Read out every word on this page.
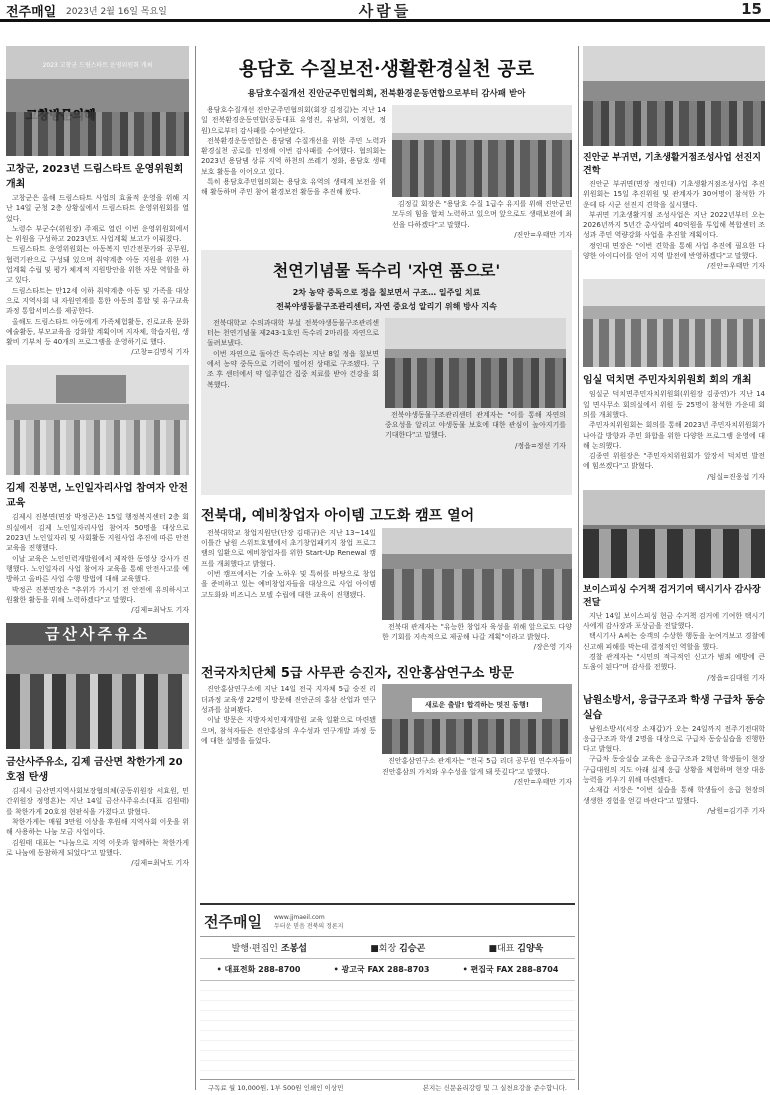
전주매일 2023년 2월 16일 목요일	사람들	15
2023 고창군 드림스타트 운영위원회 개최
고창군, 2023년 드림스타트 운영위원회 개최

고창군은 올해 드림스타트 사업의 효율적 운영을 위해 지난 14일 군청 2층 상황실에서 드림스타트 운영위원회를 열었다.

노령수 부군수(위원장) 주재로 열린 이번 운영위원회에서는 위원을 구성하고 2023년도 사업계획 보고가 이뤄졌다.

드림스타트 운영위원회는 아동복지 민간전문가와 공무원, 협력기관으로 구성돼 있으며 취약계층 아동 지원을 위한 사업계획 수립 및 평가 체계적 지원방안을 위한 자문 역할을 하고 있다.

드림스타트는 만12세 이하 취약계층 아동 및 가족을 대상으로 지역사회 내 자원연계를 통한 아동의 통합 및 유구교육과정 통합서비스를 제공한다.

올해도 드림스타트 아동에게 가족체험활동, 진로교육 문화예술활동, 부모교육을 강화할 계획이며 지자체, 학습지원, 생활비 기부처 등 40개의 프로그램을 운영하기로 했다.

/고창=김명식 기자
김제 진봉면, 노인일자리사업 참여자 안전교육

김제시 진봉면(면장 박정곤)은 15일 행정복지센터 2층 회의실에서 김제 노인일자리사업 참여자 50명을 대상으로 2023년 노인일자리 및 사회활동 지원사업 추진에 따른 안전교육을 진행했다.

이날 교육은 노인인력개발원에서 제작한 동영상 강사가 진행했다. 노인일자리 사업 참여자 교육을 통해 안전사고를 예방하고 올바른 사업 수행 방법에 대해 교육했다.

박정곤 진봉면장은 "추위가 가시기 전 안전에 유의하시고 원활한 활동을 위해 노력하겠다"고 말했다.

/김제=최낙도 기자
금산사주유소
금산사주유소, 김제 금산면 착한가게 20호점 탄생

김제시 금산면지역사회보장협의체(공동위원장 서효원, 민간위원장 정영흔)는 지난 14일 금산사주유소(대표 김원태)를 착한가게 20호점 현판식을 가졌다고 밝혔다.

착한가게는 매월 3만원 이상을 후원해 지역사회 이웃을 위해 사용하는 나눔 모금 사업이다.

김원태 대표는 "나눔으로 지역 이웃과 함께하는 착한가게로 나눔에 동참하게 되었다"고 말했다.

/김제=최낙도 기자
용담호 수질보전·생활환경실천 공로
용담호수질개선 진안군주민협의회, 전북환경운동연합으로부터 감사패 받아

용담호수질개선 진안군주민협의회(회장 김정길)는 지난 14일 전북환경운동연합(공동대표 유영진, 유남희, 이정현, 정원)으로부터 감사패를 수여받았다.

전북환경운동연합은 용담댐 수질개선을 위한 주민 노력과 환경실천 공로를 인정해 이번 감사패를 수여했다. 협의회는 2023년 용담댐 상류 지역 하천의 쓰레기 정화, 용담호 생태보호 활동을 이어오고 있다.

특히 용담호주민협의회는 용담호 유역의 생태계 보전을 위해 활동하며 주민 참여 환경보전 활동을 추진해 왔다.

김정길 회장은 "용담호 수질 1급수 유지를 위해 진안군민 모두의 힘을 합쳐 노력하고 있으며 앞으로도 생태보전에 최선을 다하겠다"고 말했다.

/진안=우태만 기자
천연기념물 독수리 '자연 품으로'
2차 농약 중독으로 정읍 칠보면서 구조… 일주일 치료
전북야생동물구조관리센터, 자연 중요성 알리기 위해 방사 지속

전북대학교 수의과대학 부설 전북야생동물구조관리센터는 천연기념물 제243-1호인 독수리 2마리를 자연으로 돌려보냈다.

이번 자연으로 돌아간 독수리는 지난 8일 정읍 칠보면에서 농약 중독으로 기력이 떨어진 상태로 구조됐다. 구조 후 센터에서 약 일주일간 집중 치료를 받아 건강을 회복했다.

전북야생동물구조관리센터 관계자는 "이를 통해 자연의 중요성을 알리고 야생동물 보호에 대한 관심이 높아지기를 기대한다"고 말했다.

/정읍=정선 기자
전북대, 예비창업자 아이템 고도화 캠프 열어

전북대학교 창업지원단(단장 김태규)은 지난 13~14일 이틀간 남원 스위트호텔에서 초기창업패키지 창업 프로그램의 일환으로 예비창업자를 위한 Start-Up Renewal 캠프를 개최했다고 밝혔다.

이번 캠프에서는 기술 노하우 및 특허를 바탕으로 창업을 준비하고 있는 예비창업자들을 대상으로 사업 아이템 고도화와 비즈니스 모델 수립에 대한 교육이 진행됐다.

전북대 관계자는 "유능한 창업자 육성을 위해 앞으로도 다양한 기회를 지속적으로 제공해 나갈 계획"이라고 밝혔다.

/장은영 기자
전국자치단체 5급 사무관 승진자, 진안홍삼연구소 방문

진안홍삼연구소에 지난 14일 전국 지자체 5급 승진 리더과정 교육생 22명이 방문해 진안군의 홍삼 산업과 연구 성과를 살펴봤다.

이날 방문은 지방자치인재개발원 교육 일환으로 마련됐으며, 참석자들은 진안홍삼의 우수성과 연구개발 과정 등에 대한 설명을 들었다.

새로운 출발! 합격하는 멋진 동행!

진안홍삼연구소 관계자는 "전국 5급 리더 공무원 연수자들이 진안홍삼의 가치와 우수성을 알게 돼 뜻깊다"고 말했다.

/진안=우태만 기자
전주매일	www.jjmaeil.com
두터운 믿음 전북의 정론지
발행·편집인 조봉섭	■회장 김승곤	■대표 김양욱
• 대표전화 288-8700	• 광고국 FAX 288-8703	• 편집국 FAX 288-8704
구독료 월 10,000원, 1부 500원 인쇄인 이상민	본지는 신문윤리강령 및 그 실천요강을 준수합니다.
진안군 부귀면, 기초생활거점조성사업 선진지 견학

진안군 부귀면(면장 정인대) 기초생활거점조성사업 추진위원회는 15일 추진위원 및 관계자가 30여명이 참석한 가운데 타 시군 선진지 견학을 실시했다.

부귀면 기초생활거점 조성사업은 지난 2022년부터 오는 2026년까지 5년간 총사업비 40억원을 투입해 복합센터 조성과 주민 역량강화 사업을 추진할 계획이다.

정인대 면장은 "이번 견학을 통해 사업 추진에 필요한 다양한 아이디어를 얻어 지역 발전에 반영하겠다"고 말했다.

/진안=우태만 기자
임실 덕치면 주민자치위원회 회의 개최

임실군 덕치면주민자치위원회(위원장 김종연)가 지난 14일 면사무소 회의실에서 위원 등 25명이 참석한 가운데 회의를 개최했다.

주민자치위원회는 회의를 통해 2023년 주민자치위원회가 나아갈 방향과 주민 화합을 위한 다양한 프로그램 운영에 대해 논의했다.

김종연 위원장은 "주민자치위원회가 앞장서 덕치면 발전에 힘쓰겠다"고 밝혔다.

/임실=진웅섭 기자
보이스피싱 수거책 검거기여 택시기사 감사장 전달

지난 14일 보이스피싱 현금 수거책 검거에 기여한 택시기사에게 감사장과 포상금을 전달했다.

택시기사 A씨는 승객의 수상한 행동을 눈여겨보고 경찰에 신고해 피해를 막는데 결정적인 역할을 했다.

경찰 관계자는 "시민의 적극적인 신고가 범죄 예방에 큰 도움이 된다"며 감사를 전했다.

/정읍=김대원 기자
남원소방서, 응급구조과 학생 구급차 동승실습

남원소방서(서장 소재갑)가 오는 24일까지 전주기전대학 응급구조과 학생 2명을 대상으로 구급차 동승실습을 진행한다고 밝혔다.

구급차 동승실습 교육은 응급구조과 2학년 학생들이 현장 구급대원의 지도 아래 실제 응급 상황을 체험하며 현장 대응 능력을 키우기 위해 마련됐다.

소재갑 서장은 "이번 실습을 통해 학생들이 응급 현장의 생생한 경험을 얻길 바란다"고 말했다.

/남원=김기주 기자
